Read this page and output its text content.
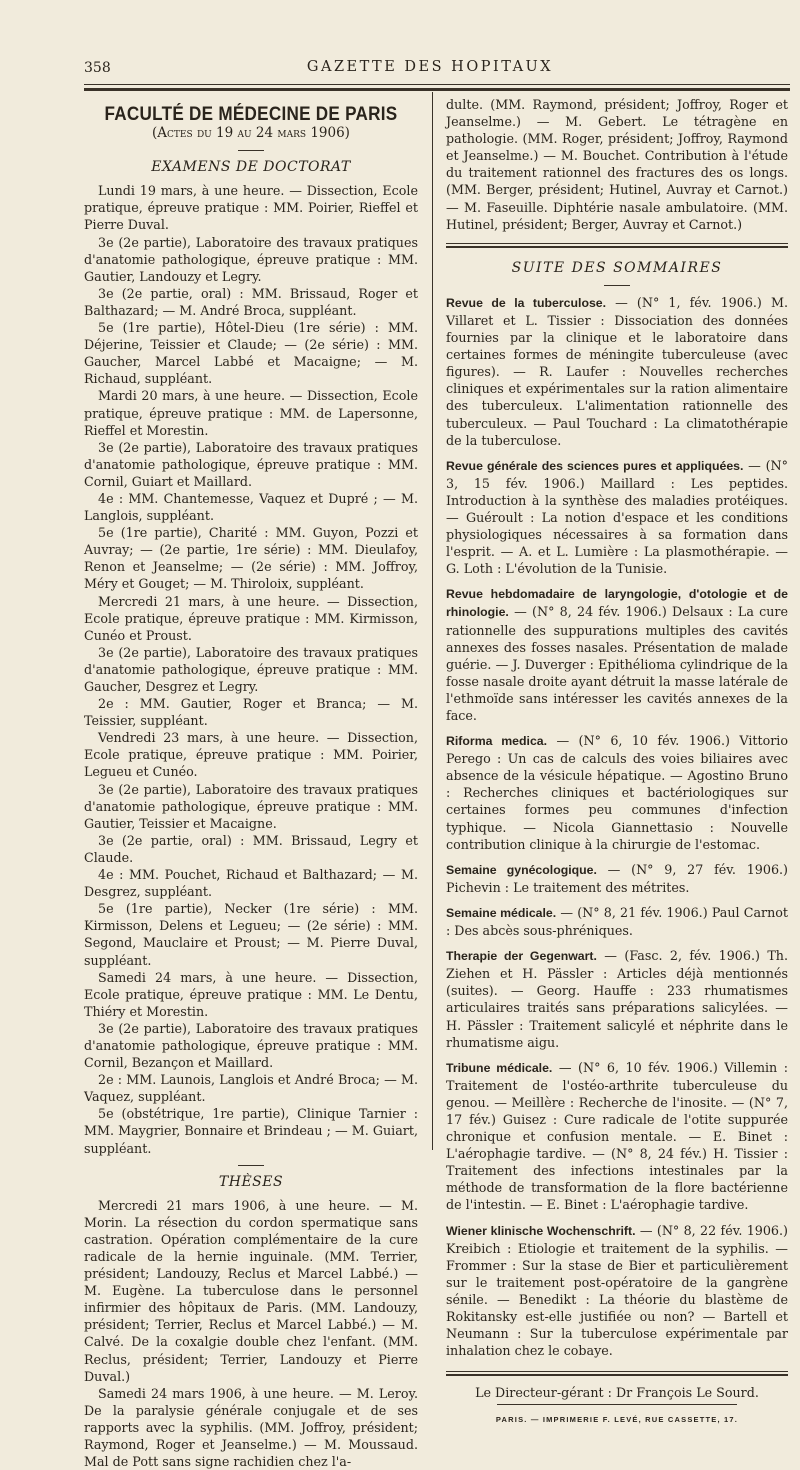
358	GAZETTE DES HOPITAUX

FACULTÉ DE MÉDECINE DE PARIS

(Actes du 19 au 24 mars 1906)

EXAMENS DE DOCTORAT

Lundi 19 mars, à une heure. — Dissection, Ecole pratique, épreuve pratique : MM. Poirier, Rieffel et Pierre Duval.

3e (2e partie), Laboratoire des travaux pratiques d'anatomie pathologique, épreuve pratique : MM. Gautier, Landouzy et Legry.

3e (2e partie, oral) : MM. Brissaud, Roger et Balthazard; — M. André Broca, suppléant.

5e (1re partie), Hôtel-Dieu (1re série) : MM. Déjerine, Teissier et Claude; — (2e série) : MM. Gaucher, Marcel Labbé et Macaigne; — M. Richaud, suppléant.

Mardi 20 mars, à une heure. — Dissection, Ecole pratique, épreuve pratique : MM. de Lapersonne, Rieffel et Morestin.

3e (2e partie), Laboratoire des travaux pratiques d'anatomie pathologique, épreuve pratique : MM. Cornil, Guiart et Maillard.

4e : MM. Chantemesse, Vaquez et Dupré ; — M. Langlois, suppléant.

5e (1re partie), Charité : MM. Guyon, Pozzi et Auvray; — (2e partie, 1re série) : MM. Dieulafoy, Renon et Jeanselme; — (2e série) : MM. Joffroy, Méry et Gouget; — M. Thiroloix, suppléant.

Mercredi 21 mars, à une heure. — Dissection, Ecole pratique, épreuve pratique : MM. Kirmisson, Cunéo et Proust.

3e (2e partie), Laboratoire des travaux pratiques d'anatomie pathologique, épreuve pratique : MM. Gaucher, Desgrez et Legry.

2e : MM. Gautier, Roger et Branca; — M. Teissier, suppléant.

Vendredi 23 mars, à une heure. — Dissection, Ecole pratique, épreuve pratique : MM. Poirier, Legueu et Cunéo.

3e (2e partie), Laboratoire des travaux pratiques d'anatomie pathologique, épreuve pratique : MM. Gautier, Teissier et Macaigne.

3e (2e partie, oral) : MM. Brissaud, Legry et Claude.

4e : MM. Pouchet, Richaud et Balthazard; — M. Desgrez, suppléant.

5e (1re partie), Necker (1re série) : MM. Kirmisson, Delens et Legueu; — (2e série) : MM. Segond, Mauclaire et Proust; — M. Pierre Duval, suppléant.

Samedi 24 mars, à une heure. — Dissection, Ecole pratique, épreuve pratique : MM. Le Dentu, Thiéry et Morestin.

3e (2e partie), Laboratoire des travaux pratiques d'anatomie pathologique, épreuve pratique : MM. Cornil, Bezançon et Maillard.

2e : MM. Launois, Langlois et André Broca; — M. Vaquez, suppléant.

5e (obstétrique, 1re partie), Clinique Tarnier : MM. Maygrier, Bonnaire et Brindeau ; — M. Guiart, suppléant.

THÈSES

Mercredi 21 mars 1906, à une heure. — M. Morin. La résection du cordon spermatique sans castration. Opération complémentaire de la cure radicale de la hernie inguinale. (MM. Terrier, président; Landouzy, Reclus et Marcel Labbé.) — M. Eugène. La tuberculose dans le personnel infirmier des hôpitaux de Paris. (MM. Landouzy, président; Terrier, Reclus et Marcel Labbé.) — M. Calvé. De la coxalgie double chez l'enfant. (MM. Reclus, président; Terrier, Landouzy et Pierre Duval.)

Samedi 24 mars 1906, à une heure. — M. Leroy. De la paralysie générale conjugale et de ses rapports avec la syphilis. (MM. Joffroy, président; Raymond, Roger et Jeanselme.) — M. Moussaud. Mal de Pott sans signe rachidien chez l'a-

dulte. (MM. Raymond, président; Joffroy, Roger et Jeanselme.) — M. Gebert. Le tétragène en pathologie. (MM. Roger, président; Joffroy, Raymond et Jeanselme.) — M. Bouchet. Contribution à l'étude du traitement rationnel des fractures des os longs. (MM. Berger, président; Hutinel, Auvray et Carnot.) — M. Faseuille. Diphtérie nasale ambulatoire. (MM. Hutinel, président; Berger, Auvray et Carnot.)

SUITE DES SOMMAIRES

Revue de la tuberculose. — (N° 1, fév. 1906.) M. Villaret et L. Tissier : Dissociation des données fournies par la clinique et le laboratoire dans certaines formes de méningite tuberculeuse (avec figures). — R. Laufer : Nouvelles recherches cliniques et expérimentales sur la ration alimentaire des tuberculeux. L'alimentation rationnelle des tuberculeux. — Paul Touchard : La climatothérapie de la tuberculose.

Revue générale des sciences pures et appliquées. — (N° 3, 15 fév. 1906.) Maillard : Les peptides. Introduction à la synthèse des maladies protéiques. — Guéroult : La notion d'espace et les conditions physiologiques nécessaires à sa formation dans l'esprit. — A. et L. Lumière : La plasmothérapie. — G. Loth : L'évolution de la Tunisie.

Revue hebdomadaire de laryngologie, d'otologie et de rhinologie. — (N° 8, 24 fév. 1906.) Delsaux : La cure rationnelle des suppurations multiples des cavités annexes des fosses nasales. Présentation de malade guérie. — J. Duverger : Epithélioma cylindrique de la fosse nasale droite ayant détruit la masse latérale de l'ethmoïde sans intéresser les cavités annexes de la face.

Riforma medica. — (N° 6, 10 fév. 1906.) Vittorio Perego : Un cas de calculs des voies biliaires avec absence de la vésicule hépatique. — Agostino Bruno : Recherches cliniques et bactériologiques sur certaines formes peu communes d'infection typhique. — Nicola Giannettasio : Nouvelle contribution clinique à la chirurgie de l'estomac.

Semaine gynécologique. — (N° 9, 27 fév. 1906.) Pichevin : Le traitement des métrites.

Semaine médicale. — (N° 8, 21 fév. 1906.) Paul Carnot : Des abcès sous-phréniques.

Therapie der Gegenwart. — (Fasc. 2, fév. 1906.) Th. Ziehen et H. Pässler : Articles déjà mentionnés (suites). — Georg. Hauffe : 233 rhumatismes articulaires traités sans préparations salicylées. — H. Pässler : Traitement salicylé et néphrite dans le rhumatisme aigu.

Tribune médicale. — (N° 6, 10 fév. 1906.) Villemin : Traitement de l'ostéo-arthrite tuberculeuse du genou. — Meillère : Recherche de l'inosite. — (N° 7, 17 fév.) Guisez : Cure radicale de l'otite suppurée chronique et confusion mentale. — E. Binet : L'aérophagie tardive. — (N° 8, 24 fév.) H. Tissier : Traitement des infections intestinales par la méthode de transformation de la flore bactérienne de l'intestin. — E. Binet : L'aérophagie tardive.

Wiener klinische Wochenschrift. — (N° 8, 22 fév. 1906.) Kreibich : Etiologie et traitement de la syphilis. — Frommer : Sur la stase de Bier et particulièrement sur le traitement post-opératoire de la gangrène sénile. — Benedikt : La théorie du blastème de Rokitansky est-elle justifiée ou non? — Bartell et Neumann : Sur la tuberculose expérimentale par inhalation chez le cobaye.

Le Directeur-gérant : Dr François Le Sourd.

PARIS. — IMPRIMERIE F. LEVÉ, RUE CASSETTE, 17.
